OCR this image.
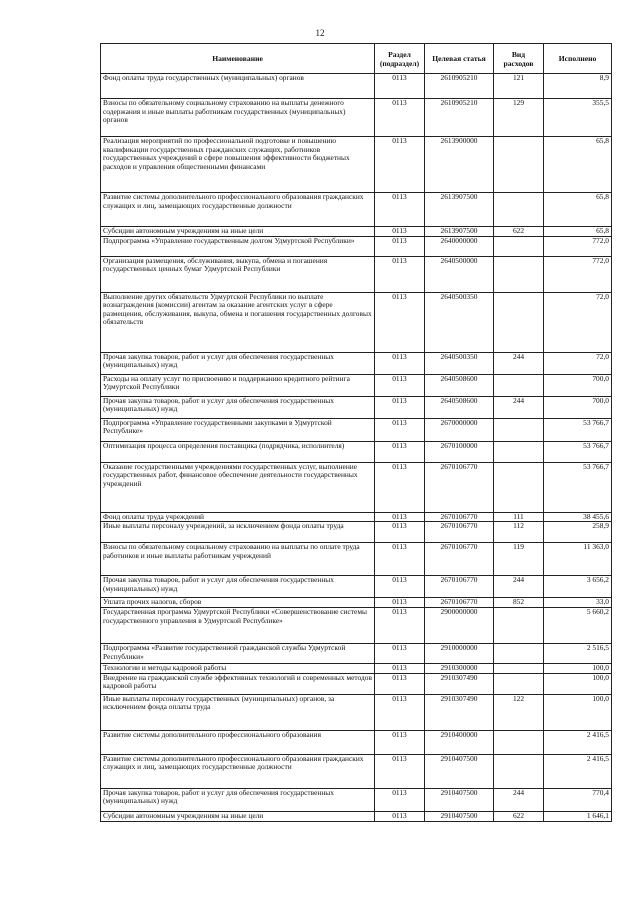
12
Наименование	Раздел (подраздел)	Целевая статья	Вид расходов	Исполнено
Фонд оплаты труда государственных (муниципальных) органов	0113	2610905210	121	8,9
Взносы по обязательному социальному страхованию на выплаты денежного содержания и иные выплаты работникам государственных (муниципальных) органов	0113	2610905210	129	355,5
Реализация мероприятий по профессиональной подготовке и повышению квалификации государственных гражданских служащих, работников государственных учреждений в сфере повышения эффективности бюджетных расходов и управления общественными финансами	0113	2613900000		65,8
Развитие системы дополнительного профессионального образования гражданских служащих и лиц, замещающих государственные должности	0113	2613907500		65,8
Субсидии автономным учреждениям на иные цели	0113	2613907500	622	65,8
Подпрограмма «Управление государственным долгом Удмуртской Республики»	0113	2640000000		772,0
Организация размещения, обслуживания, выкупа, обмена и погашения государственных ценных бумаг Удмуртской Республики	0113	2640500000		772,0
Выполнение других обязательств Удмуртской Республики по выплате вознаграждения (комиссии) агентам за оказание агентских услуг в сфере размещения, обслуживания, выкупа, обмена и погашения государственных долговых обязательств	0113	2640500350		72,0
Прочая закупка товаров, работ и услуг для обеспечения государственных (муниципальных) нужд	0113	2640500350	244	72,0
Расходы на оплату услуг по присвоению и поддержанию кредитного рейтинга Удмуртской Республики	0113	2640508600		700,0
Прочая закупка товаров, работ и услуг для обеспечения государственных (муниципальных) нужд	0113	2640508600	244	700,0
Подпрограмма «Управление государственными закупками в Удмуртской Республике»	0113	2670000000		53 766,7
Оптимизация процесса определения поставщика (подрядчика, исполнителя)	0113	2670100000		53 766,7
Оказание государственными учреждениями государственных услуг, выполнение государственных работ, финансовое обеспечение деятельности государственных учреждений	0113	2670106770		53 766,7
Фонд оплаты труда учреждений	0113	2670106770	111	38 455,6
Иные выплаты персоналу учреждений, за исключением фонда оплаты труда	0113	2670106770	112	258,9
Взносы по обязательному социальному страхованию на выплаты по оплате труда работников и иные выплаты работникам учреждений	0113	2670106770	119	11 363,0
Прочая закупка товаров, работ и услуг для обеспечения государственных (муниципальных) нужд	0113	2670106770	244	3 656,2
Уплата прочих налогов, сборов	0113	2670106770	852	33,0
Государственная программа Удмуртской Республики «Совершенствование системы государственного управления в Удмуртской Республике»	0113	2900000000		5 660,2
Подпрограмма «Развитие государственной гражданской службы Удмуртской Республики»	0113	2910000000		2 516,5
Технологии и методы кадровой работы	0113	2910300000		100,0
Внедрение на гражданской службе эффективных технологий и современных методов кадровой работы	0113	2910307490		100,0
Иные выплаты персоналу государственных (муниципальных) органов, за исключением фонда оплаты труда	0113	2910307490	122	100,0
Развитие системы дополнительного профессионального образования	0113	2910400000		2 416,5
Развитие системы дополнительного профессионального образования гражданских служащих и лиц, замещающих государственные должности	0113	2910407500		2 416,5
Прочая закупка товаров, работ и услуг для обеспечения государственных (муниципальных) нужд	0113	2910407500	244	770,4
Субсидии автономным учреждениям на иные цели	0113	2910407500	622	1 646,1
